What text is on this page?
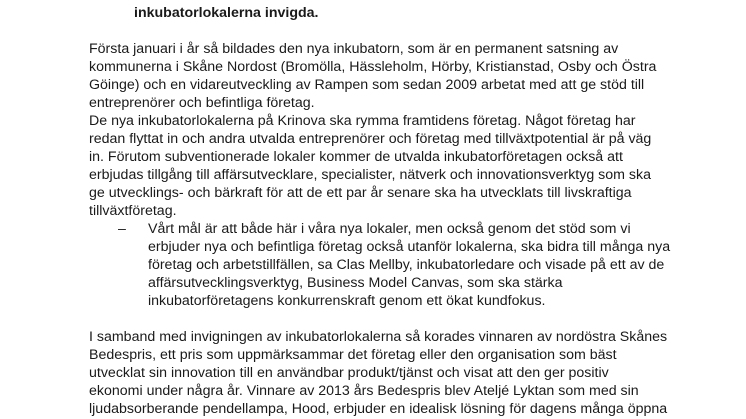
inkubatorlokalerna invigda.

Första januari i år så bildades den nya inkubatorn, som är en permanent satsning av

kommunerna i Skåne Nordost (Bromölla, Hässleholm, Hörby, Kristianstad, Osby och Östra

Göinge) och en vidareutveckling av Rampen som sedan 2009 arbetat med att ge stöd till

entreprenörer och befintliga företag.

De nya inkubatorlokalerna på Krinova ska rymma framtidens företag. Något företag har

redan flyttat in och andra utvalda entreprenörer och företag med tillväxtpotential är på väg

in. Förutom subventionerade lokaler kommer de utvalda inkubatorföretagen också att

erbjudas tillgång till affärsutvecklare, specialister, nätverk och innovationsverktyg som ska

ge utvecklings- och bärkraft för att de ett par år senare ska ha utvecklats till livskraftiga

tillväxtföretag.

– Vårt mål är att både här i våra nya lokaler, men också genom det stöd som vi

erbjuder nya och befintliga företag också utanför lokalerna, ska bidra till många nya

företag och arbetstillfällen, sa Clas Mellby, inkubatorledare och visade på ett av de

affärsutvecklingsverktyg, Business Model Canvas, som ska stärka

inkubatorföretagens konkurrenskraft genom ett ökat kundfokus.

I samband med invigningen av inkubatorlokalerna så korades vinnaren av nordöstra Skånes

Bedespris, ett pris som uppmärksammar det företag eller den organisation som bäst

utvecklat sin innovation till en användbar produkt/tjänst och visat att den ger positiv

ekonomi under några år. Vinnare av 2013 års Bedespris blev Ateljé Lyktan som med sin

ljudabsorberande pendellampa, Hood, erbjuder en idealisk lösning för dagens många öppna
